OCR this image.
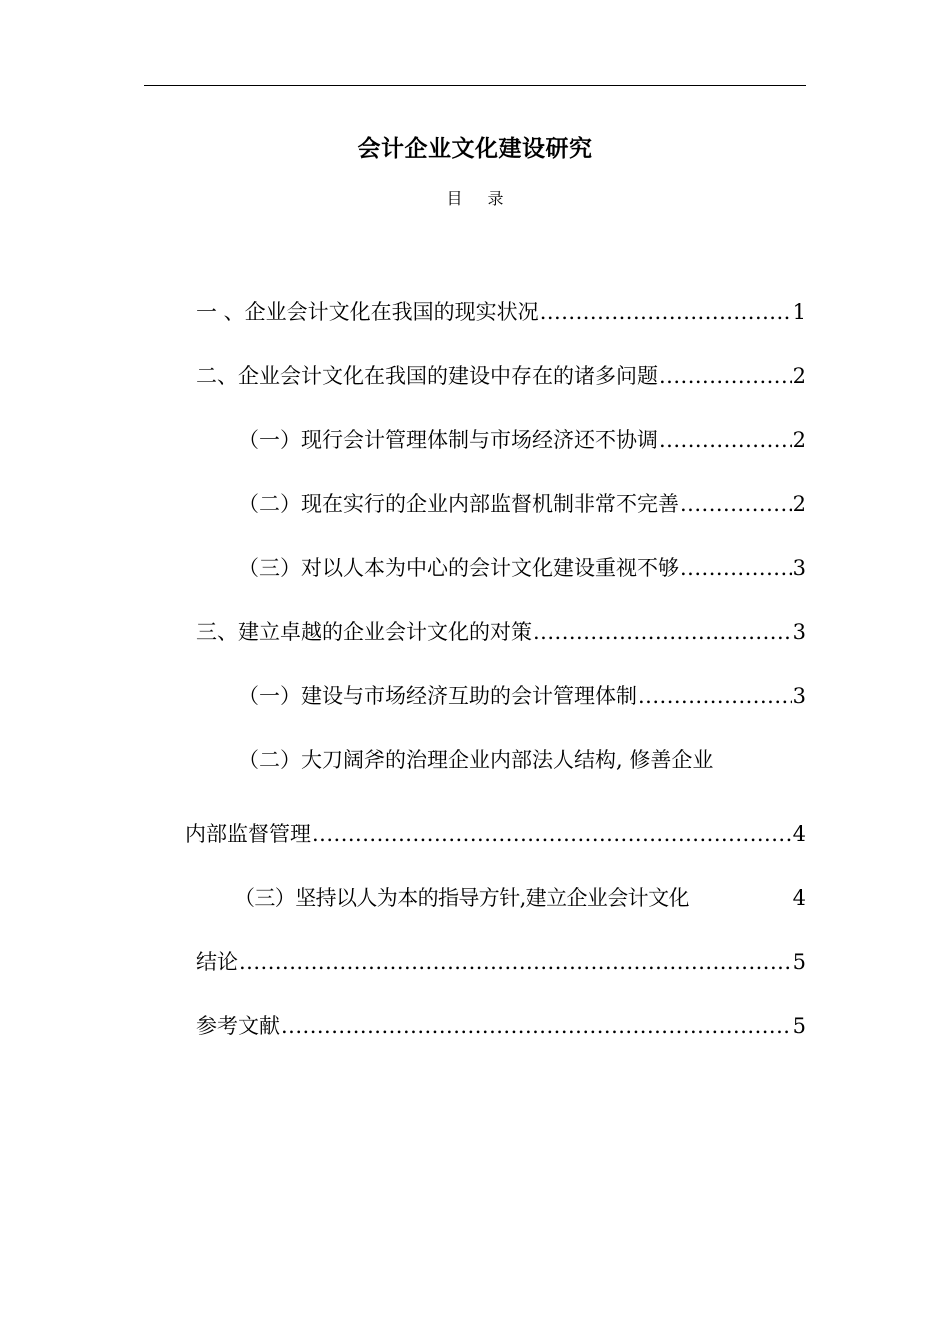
会计企业文化建设研究
目 录
一 、企业会计文化在我国的现实状况 .....	1
二、企业会计文化在我国的建设中存在的诸多问题 .....	2
（一）现行会计管理体制与市场经济还不协调 .....	2
（二）现在实行的企业内部监督机制非常不完善 .....	2
（三）对以人本为中心的会计文化建设重视不够 .....	3
三、建立卓越的企业会计文化的对策 .....	3
（一）建设与市场经济互助的会计管理体制 .....	3
（二）大刀阔斧的治理企业内部法人结构, 修善企业
内部监督管理 .....	4
（三）坚持以人为本的指导方针,建立企业会计文化	4
结论 .....	5
参考文献 .....	5
